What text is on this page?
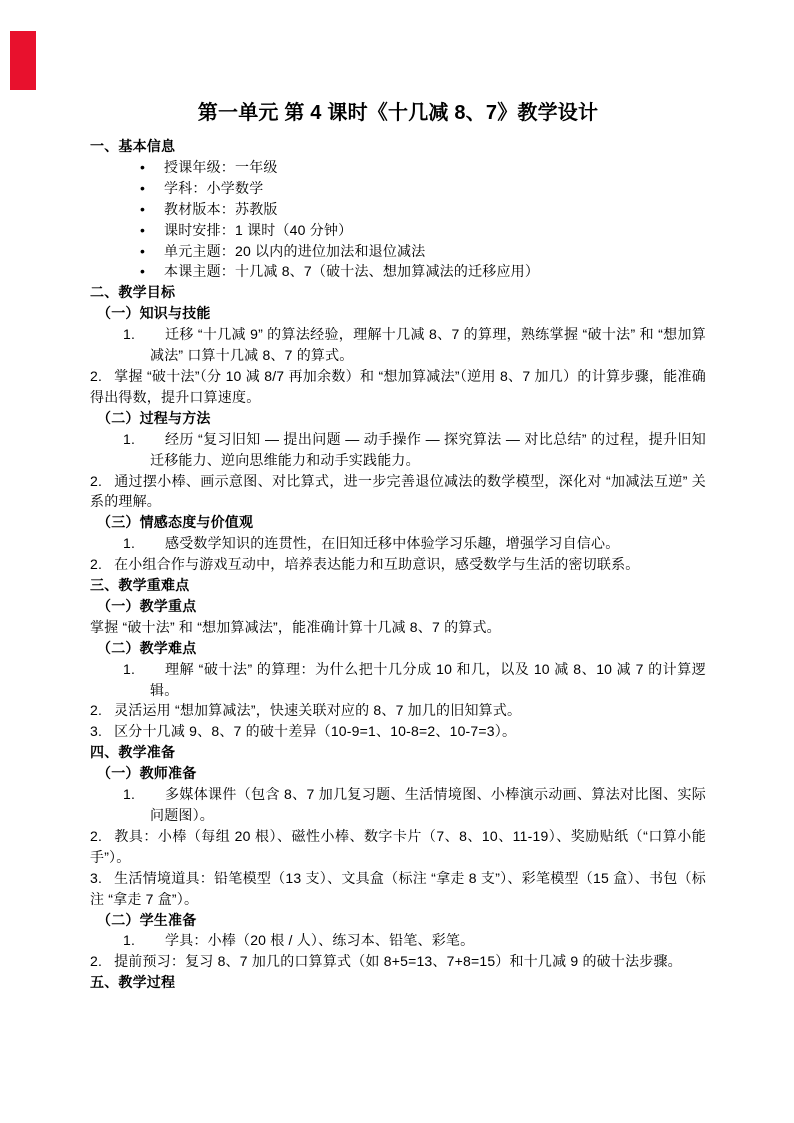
第一单元 第 4 课时《十几减 8、7》教学设计
一、基本信息
• 授课年级：一年级
• 学科：小学数学
• 教材版本：苏教版
• 课时安排：1 课时（40 分钟）
• 单元主题：20 以内的进位加法和退位减法
• 本课主题：十几减 8、7（破十法、想加算减法的迁移应用）
二、教学目标
（一）知识与技能
1. 迁移 “十几减 9” 的算法经验，理解十几减 8、7 的算理，熟练掌握 “破十法” 和 “想加算减法” 口算十几减 8、7 的算式。

2. 掌握 “破十法”（分 10 减 8/7 再加余数）和 “想加算减法”（逆用 8、7 加几）的计算步骤，能准确得出得数，提升口算速度。

（二）过程与方法
1. 经历 “复习旧知 — 提出问题 — 动手操作 — 探究算法 — 对比总结” 的过程，提升旧知迁移能力、逆向思维能力和动手实践能力。

2. 通过摆小棒、画示意图、对比算式，进一步完善退位减法的数学模型，深化对 “加减法互逆” 关系的理解。

（三）情感态度与价值观
1. 感受数学知识的连贯性，在旧知迁移中体验学习乐趣，增强学习自信心。

2. 在小组合作与游戏互动中，培养表达能力和互助意识，感受数学与生活的密切联系。

三、教学重难点
（一）教学重点

掌握 “破十法” 和 “想加算减法”，能准确计算十几减 8、7 的算式。

（二）教学难点
1. 理解 “破十法” 的算理：为什么把十几分成 10 和几，以及 10 减 8、10 减 7 的计算逻辑。

2. 灵活运用 “想加算减法”，快速关联对应的 8、7 加几的旧知算式。

3. 区分十几减 9、8、7 的破十差异（10-9=1、10-8=2、10-7=3）。

四、教学准备
（一）教师准备
1. 多媒体课件（包含 8、7 加几复习题、生活情境图、小棒演示动画、算法对比图、实际问题图）。

2. 教具：小棒（每组 20 根）、磁性小棒、数字卡片（7、8、10、11-19）、奖励贴纸（“口算小能手”）。

3. 生活情境道具：铅笔模型（13 支）、文具盒（标注 “拿走 8 支”）、彩笔模型（15 盒）、书包（标注 “拿走 7 盒”）。

（二）学生准备
1. 学具：小棒（20 根 / 人）、练习本、铅笔、彩笔。

2. 提前预习：复习 8、7 加几的口算算式（如 8+5=13、7+8=15）和十几减 9 的破十法步骤。

五、教学过程
